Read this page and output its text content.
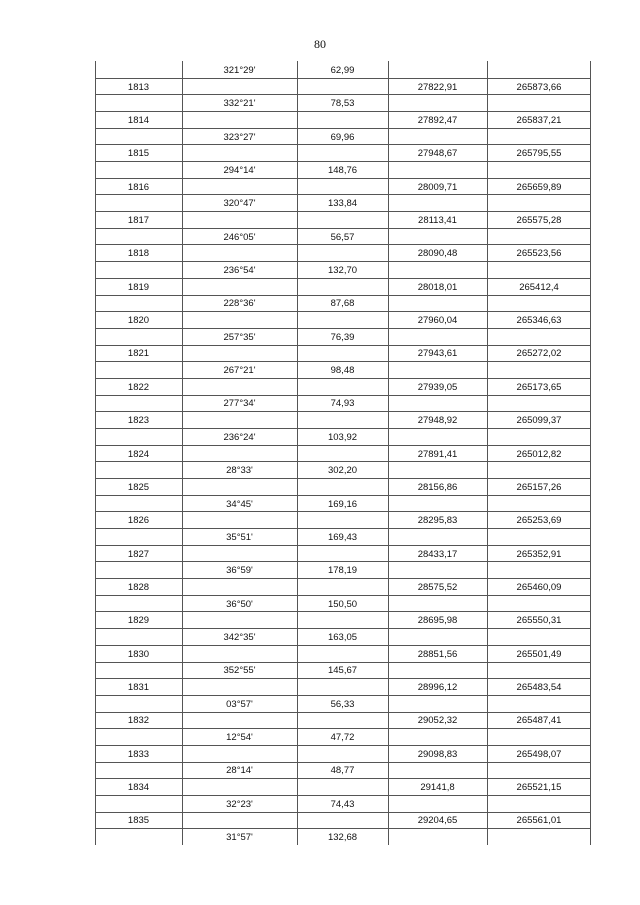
80
321°29'	62,99
1813	27822,91	265873,66
332°21'	78,53
1814	27892,47	265837,21
323°27'	69,96
1815	27948,67	265795,55
294°14'	148,76
1816	28009,71	265659,89
320°47'	133,84
1817	28113,41	265575,28
246°05'	56,57
1818	28090,48	265523,56
236°54'	132,70
1819	28018,01	265412,4
228°36'	87,68
1820	27960,04	265346,63
257°35'	76,39
1821	27943,61	265272,02
267°21'	98,48
1822	27939,05	265173,65
277°34'	74,93
1823	27948,92	265099,37
236°24'	103,92
1824	27891,41	265012,82
28°33'	302,20
1825	28156,86	265157,26
34°45'	169,16
1826	28295,83	265253,69
35°51'	169,43
1827	28433,17	265352,91
36°59'	178,19
1828	28575,52	265460,09
36°50'	150,50
1829	28695,98	265550,31
342°35'	163,05
1830	28851,56	265501,49
352°55'	145,67
1831	28996,12	265483,54
03°57'	56,33
1832	29052,32	265487,41
12°54'	47,72
1833	29098,83	265498,07
28°14'	48,77
1834	29141,8	265521,15
32°23'	74,43
1835	29204,65	265561,01
31°57'	132,68
